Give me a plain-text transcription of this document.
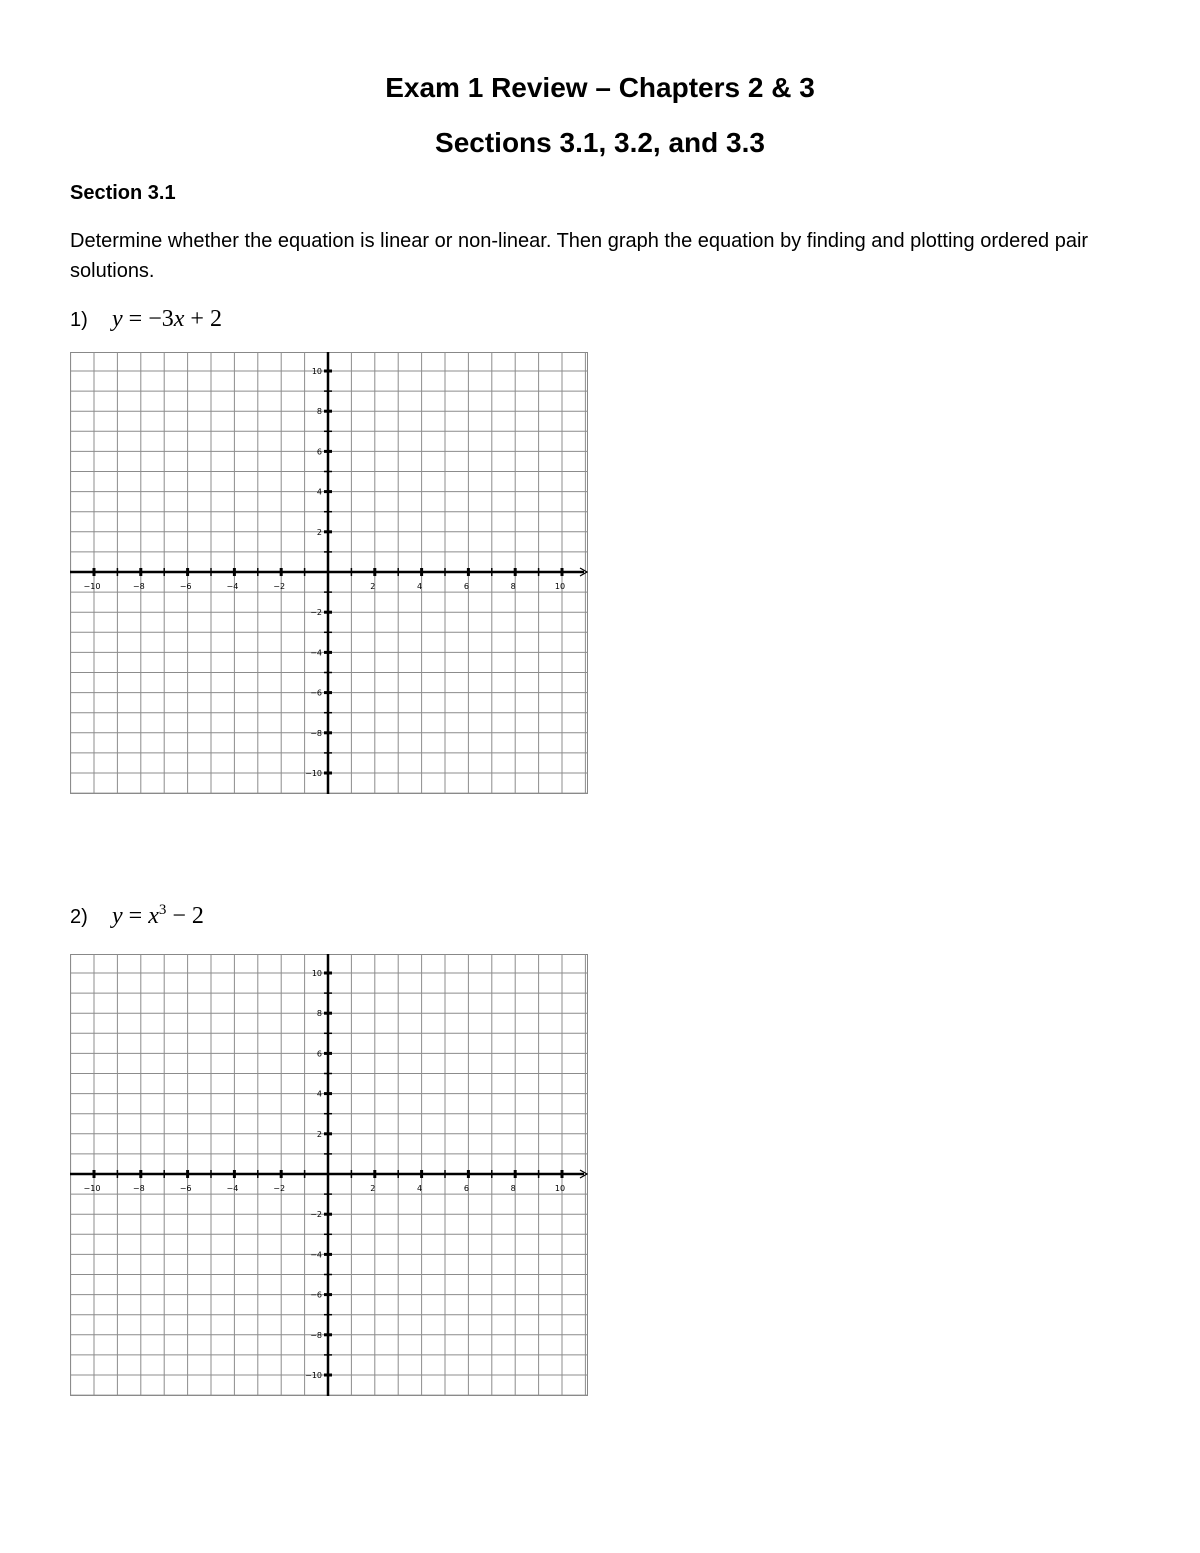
Exam 1 Review – Chapters 2 & 3
Sections 3.1, 3.2, and 3.3

Section 3.1

Determine whether the equation is linear or non-linear. Then graph the equation by finding and plotting ordered pair solutions.

1)	y = −3x + 2
−10	−8	−6	−4	−2	2	4	6	8	10
10
8
6
4
2
−2
−4
−6
−8
−10
2)	$y = x^3 - 2$
−10	−8	−6	−4	−2	2	4	6	8	10
10
8
6
4
2
−2
−4
−6
−8
−10
